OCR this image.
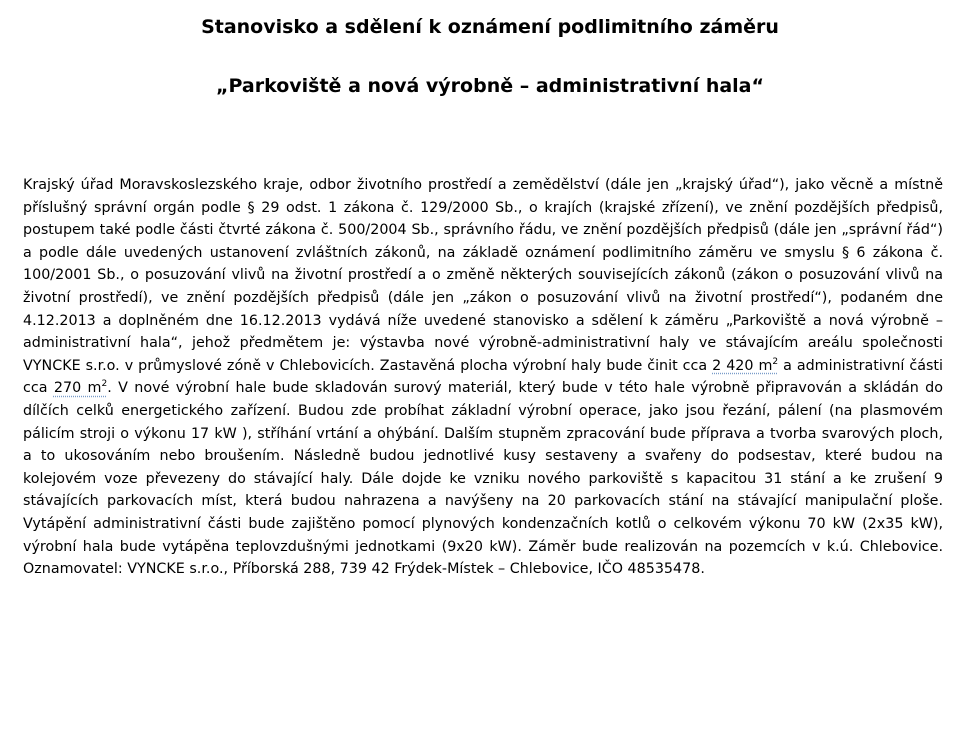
Stanovisko a sdělení k oznámení podlimitního záměru
„Parkoviště a nová výrobně – administrativní hala“

Krajský úřad Moravskoslezského kraje, odbor životního prostředí a zemědělství (dále jen „krajský úřad“), jako věcně a místně příslušný správní orgán podle § 29 odst. 1 zákona č. 129/2000 Sb., o krajích (krajské zřízení), ve znění pozdějších předpisů, postupem také podle části čtvrté zákona č. 500/2004 Sb., správního řádu, ve znění pozdějších předpisů (dále jen „správní řád“) a podle dále uvedených ustanovení zvláštních zákonů, na základě oznámení podlimitního záměru ve smyslu § 6 zákona č. 100/2001 Sb., o posuzování vlivů na životní prostředí a o změně některých souvisejících zákonů (zákon o posuzování vlivů na životní prostředí), ve znění pozdějších předpisů (dále jen „zákon o posuzování vlivů na životní prostředí“), podaném dne 4.12.2013 a doplněném dne 16.12.2013 vydává níže uvedené stanovisko a sdělení k záměru „Parkoviště a nová výrobně – administrativní hala“, jehož předmětem je: výstavba nové výrobně-administrativní haly ve stávajícím areálu společnosti VYNCKE s.r.o. v průmyslové zóně v Chlebovicích. Zastavěná plocha výrobní haly bude činit cca 2 420 $m^2$ a administrativní části cca 270 $m^2$. V nové výrobní hale bude skladován surový materiál, který bude v této hale výrobně připravován a skládán do dílčích celků energetického zařízení. Budou zde probíhat základní výrobní operace, jako jsou řezání, pálení (na plasmovém pálicím stroji o výkonu 17 kW ), stříhání vrtání a ohýbání. Dalším stupněm zpracování bude příprava a tvorba svarových ploch, a to ukosováním nebo broušením. Následně budou jednotlivé kusy sestaveny a svařeny do podsestav, které budou na kolejovém voze převezeny do stávající haly. Dále dojde ke vzniku nového parkoviště s kapacitou 31 stání a ke zrušení 9 stávajících parkovacích míst, která budou nahrazena a navýšeny na 20 parkovacích stání na stávající manipulační ploše. Vytápění administrativní části bude zajištěno pomocí plynových kondenzačních kotlů o celkovém výkonu 70 kW (2x35 kW), výrobní hala bude vytápěna teplovzdušnými jednotkami (9x20 kW). Záměr bude realizován na pozemcích v k.ú. Chlebovice. Oznamovatel: VYNCKE s.r.o., Příborská 288, 739 42 Frýdek-Místek – Chlebovice, IČO 48535478.
